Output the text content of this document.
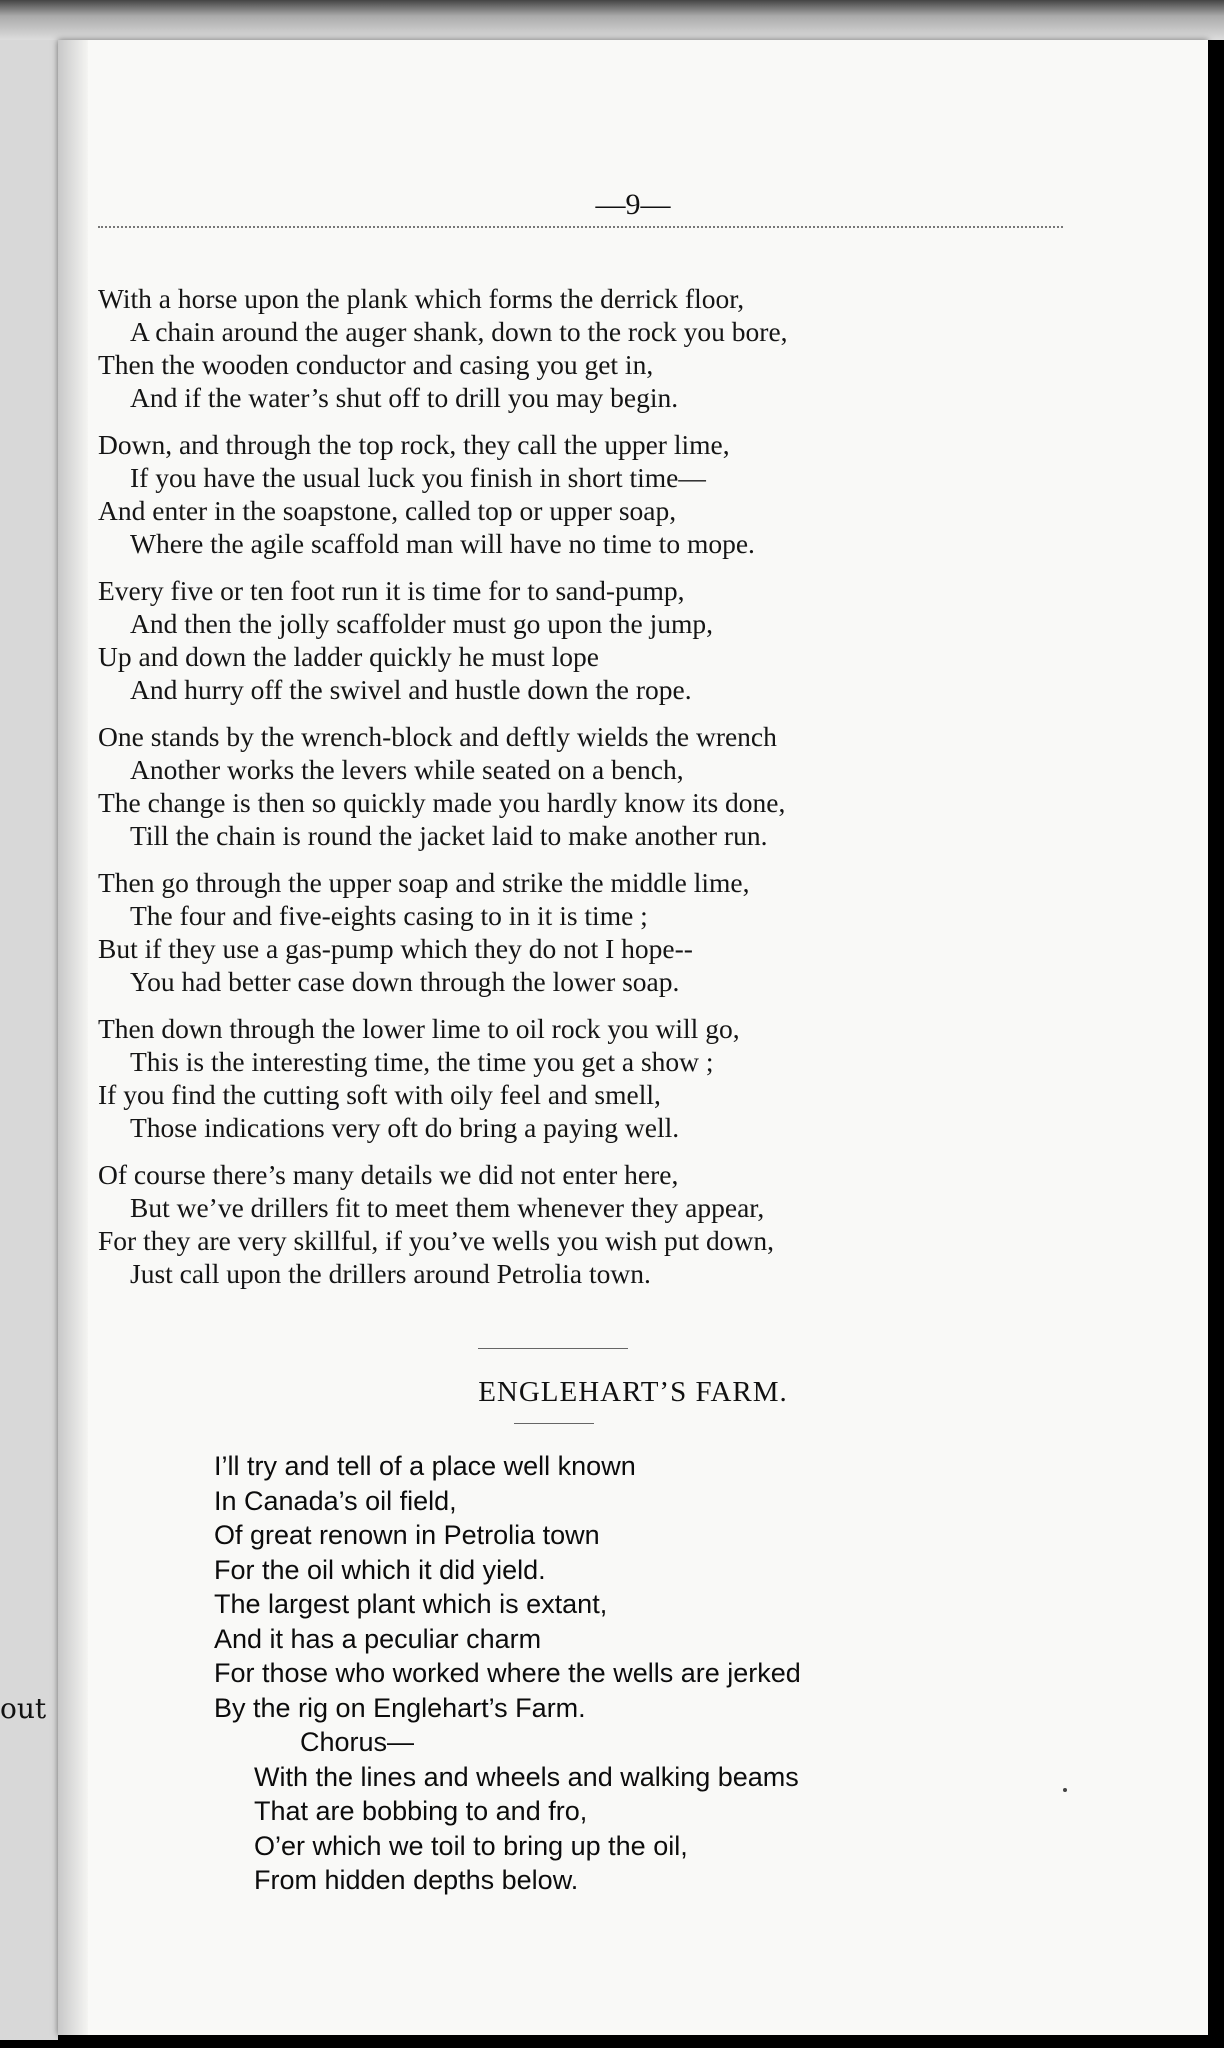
out
—9—
With a horse upon the plank which forms the derrick floor,
A chain around the auger shank, down to the rock you bore,
Then the wooden conductor and casing you get in,
And if the water’s shut off to drill you may begin.
Down, and through the top rock, they call the upper lime,
If you have the usual luck you finish in short time—
And enter in the soapstone, called top or upper soap,
Where the agile scaffold man will have no time to mope.
Every five or ten foot run it is time for to sand-pump,
And then the jolly scaffolder must go upon the jump,
Up and down the ladder quickly he must lope
And hurry off the swivel and hustle down the rope.
One stands by the wrench-block and deftly wields the wrench
Another works the levers while seated on a bench,
The change is then so quickly made you hardly know its done,
Till the chain is round the jacket laid to make another run.
Then go through the upper soap and strike the middle lime,
The four and five-eights casing to in it is time ;
But if they use a gas-pump which they do not I hope--
You had better case down through the lower soap.
Then down through the lower lime to oil rock you will go,
This is the interesting time, the time you get a show ;
If you find the cutting soft with oily feel and smell,
Those indications very oft do bring a paying well.
Of course there’s many details we did not enter here,
But we’ve drillers fit to meet them whenever they appear,
For they are very skillful, if you’ve wells you wish put down,
Just call upon the drillers around Petrolia town.
ENGLEHART’S FARM.
I’ll try and tell of a place well known
In Canada’s oil field,
Of great renown in Petrolia town
For the oil which it did yield.
The largest plant which is extant,
And it has a peculiar charm
For those who worked where the wells are jerked
By the rig on Englehart’s Farm.
Chorus—
With the lines and wheels and walking beams
That are bobbing to and fro,
O’er which we toil to bring up the oil,
From hidden depths below.
